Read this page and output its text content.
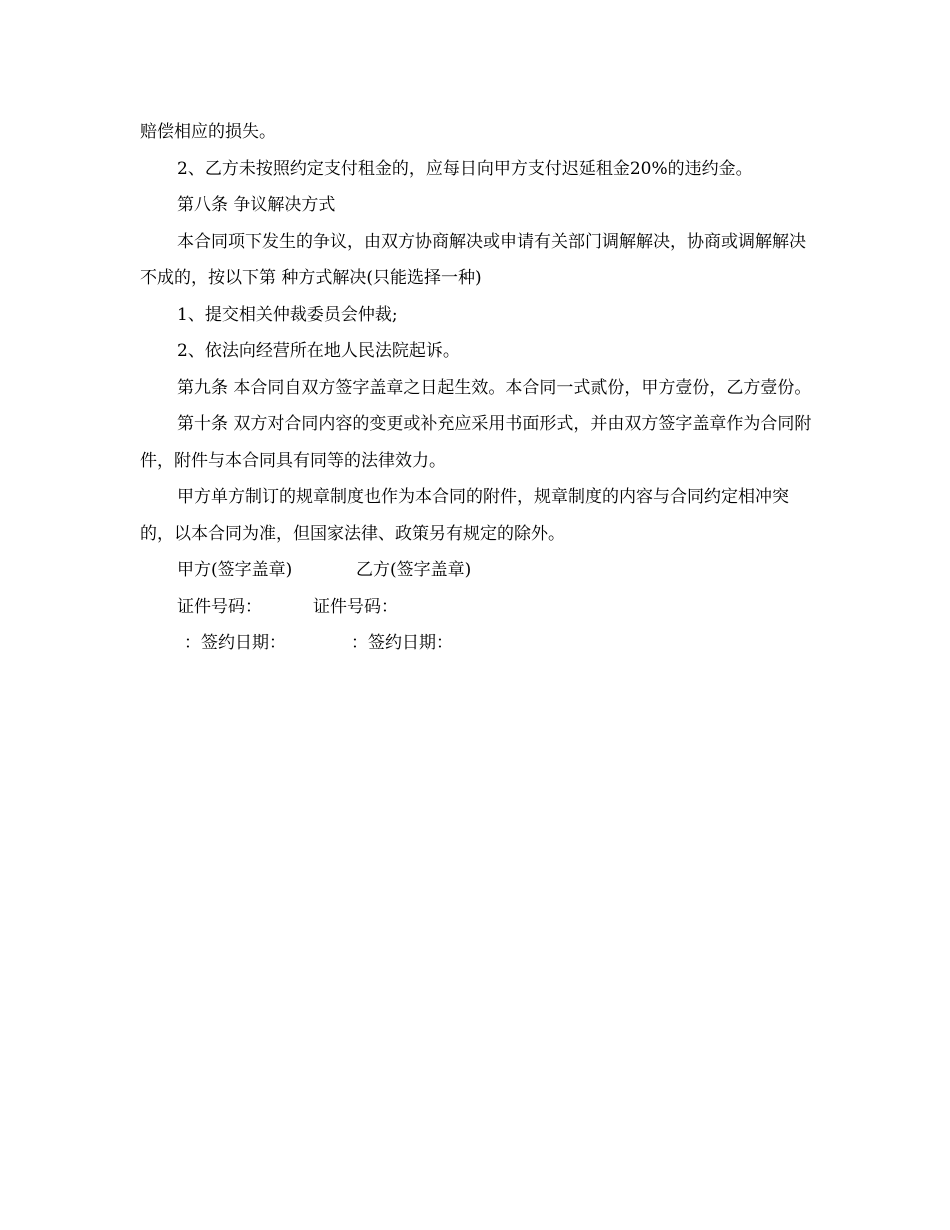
赔偿相应的损失。

2、乙方未按照约定支付租金的，应每日向甲方支付迟延租金20%的违约金。

第八条 争议解决方式

本合同项下发生的争议，由双方协商解决或申请有关部门调解解决，协商或调解解决不成的，按以下第 种方式解决(只能选择一种)

1、提交相关仲裁委员会仲裁;

2、依法向经营所在地人民法院起诉。

第九条 本合同自双方签字盖章之日起生效。本合同一式贰份，甲方壹份，乙方壹份。

第十条 双方对合同内容的变更或补充应采用书面形式，并由双方签字盖章作为合同附件，附件与本合同具有同等的法律效力。

甲方单方制订的规章制度也作为本合同的附件，规章制度的内容与合同约定相冲突的，以本合同为准，但国家法律、政策另有规定的除外。

甲方(签字盖章)	乙方(签字盖章)
证件号码：	证件号码：
：签约日期：	：签约日期：
